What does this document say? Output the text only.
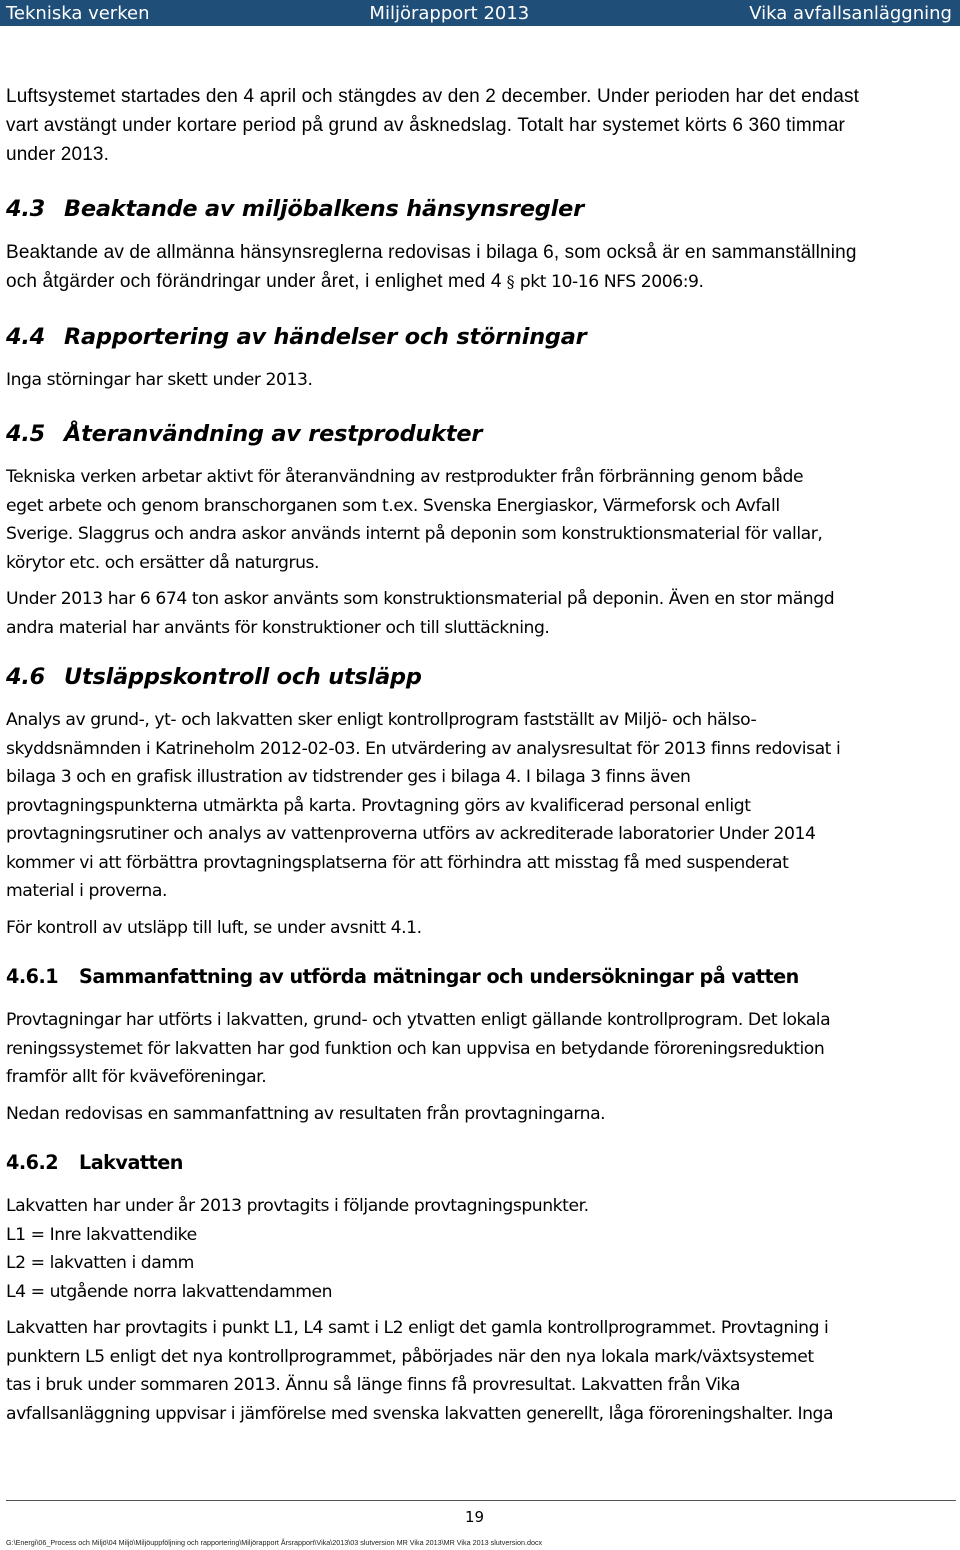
Tekniska verken	Miljörapport 2013	Vika avfallsanläggning

Luftsystemet startades den 4 april och stängdes av den 2 december. Under perioden har det endast

vart avstängt under kortare period på grund av åsknedslag. Totalt har systemet körts 6 360 timmar

under 2013.

4.3 Beaktande av miljöbalkens hänsynsregler

Beaktande av de allmänna hänsynsreglerna redovisas i bilaga 6, som också är en sammanställning

och åtgärder och förändringar under året, i enlighet med 4 § pkt 10-16 NFS 2006:9.

4.4 Rapportering av händelser och störningar

Inga störningar har skett under 2013.

4.5 Återanvändning av restprodukter

Tekniska verken arbetar aktivt för återanvändning av restprodukter från förbränning genom både

eget arbete och genom branschorganen som t.ex. Svenska Energiaskor, Värmeforsk och Avfall

Sverige. Slaggrus och andra askor används internt på deponin som konstruktionsmaterial för vallar,

körytor etc. och ersätter då naturgrus.

Under 2013 har 6 674 ton askor använts som konstruktionsmaterial på deponin. Även en stor mängd

andra material har använts för konstruktioner och till sluttäckning.

4.6 Utsläppskontroll och utsläpp

Analys av grund-, yt- och lakvatten sker enligt kontrollprogram fastställt av Miljö- och hälso-

skyddsnämnden i Katrineholm 2012-02-03. En utvärdering av analysresultat för 2013 finns redovisat i

bilaga 3 och en grafisk illustration av tidstrender ges i bilaga 4. I bilaga 3 finns även

provtagningspunkterna utmärkta på karta. Provtagning görs av kvalificerad personal enligt

provtagningsrutiner och analys av vattenproverna utförs av ackrediterade laboratorier Under 2014

kommer vi att förbättra provtagningsplatserna för att förhindra att misstag få med suspenderat

material i proverna.

För kontroll av utsläpp till luft, se under avsnitt 4.1.

4.6.1 Sammanfattning av utförda mätningar och undersökningar på vatten

Provtagningar har utförts i lakvatten, grund- och ytvatten enligt gällande kontrollprogram. Det lokala

reningssystemet för lakvatten har god funktion och kan uppvisa en betydande föroreningsreduktion

framför allt för kväveföreningar.

Nedan redovisas en sammanfattning av resultaten från provtagningarna.

4.6.2 Lakvatten

Lakvatten har under år 2013 provtagits i följande provtagningspunkter.

L1 = Inre lakvattendike

L2 = lakvatten i damm

L4 = utgående norra lakvattendammen

Lakvatten har provtagits i punkt L1, L4 samt i L2 enligt det gamla kontrollprogrammet. Provtagning i

punktern L5 enligt det nya kontrollprogrammet, påbörjades när den nya lokala mark/växtsystemet

tas i bruk under sommaren 2013. Ännu så länge finns få provresultat. Lakvatten från Vika

avfallsanläggning uppvisar i jämförelse med svenska lakvatten generellt, låga föroreningshalter. Inga

19
G:\Energi\06_Process och Miljö\04 Miljö\Miljöuppföljning och rapportering\Miljörapport Årsrapport\Vika\2013\03 slutversion MR Vika 2013\MR Vika 2013 slutversion.docx
